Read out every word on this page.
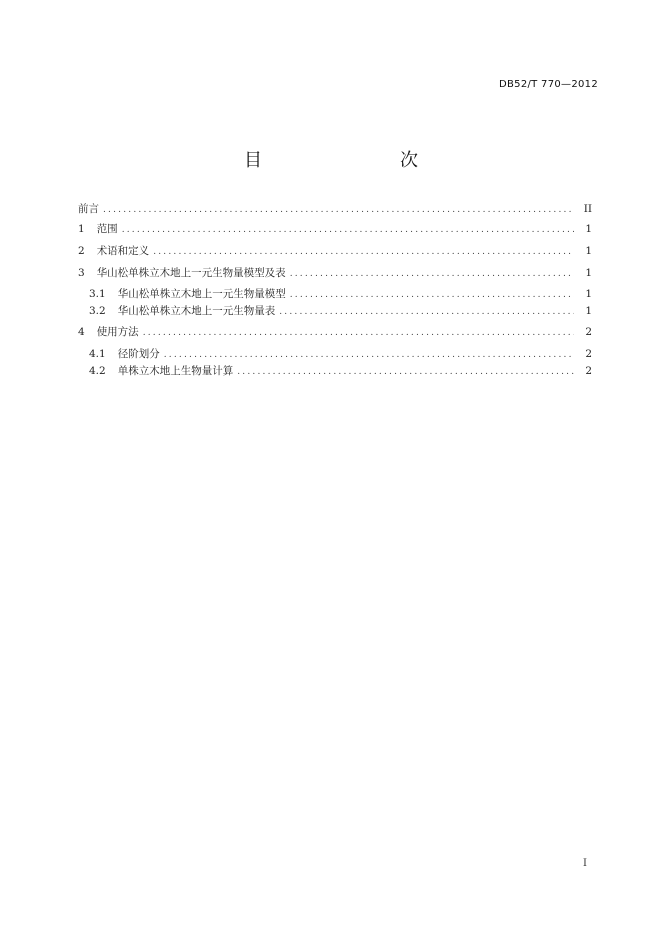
DB52/T 770—2012
目　　次
前言 .....	II
1 范围 .....	1
2 术语和定义 .....	1
3 华山松单株立木地上一元生物量模型及表 .....	1
3.1 华山松单株立木地上一元生物量模型 .....	1
3.2 华山松单株立木地上一元生物量表 .....	1
4 使用方法 .....	2
4.1 径阶划分 .....	2
4.2 单株立木地上生物量计算 .....	2
I
